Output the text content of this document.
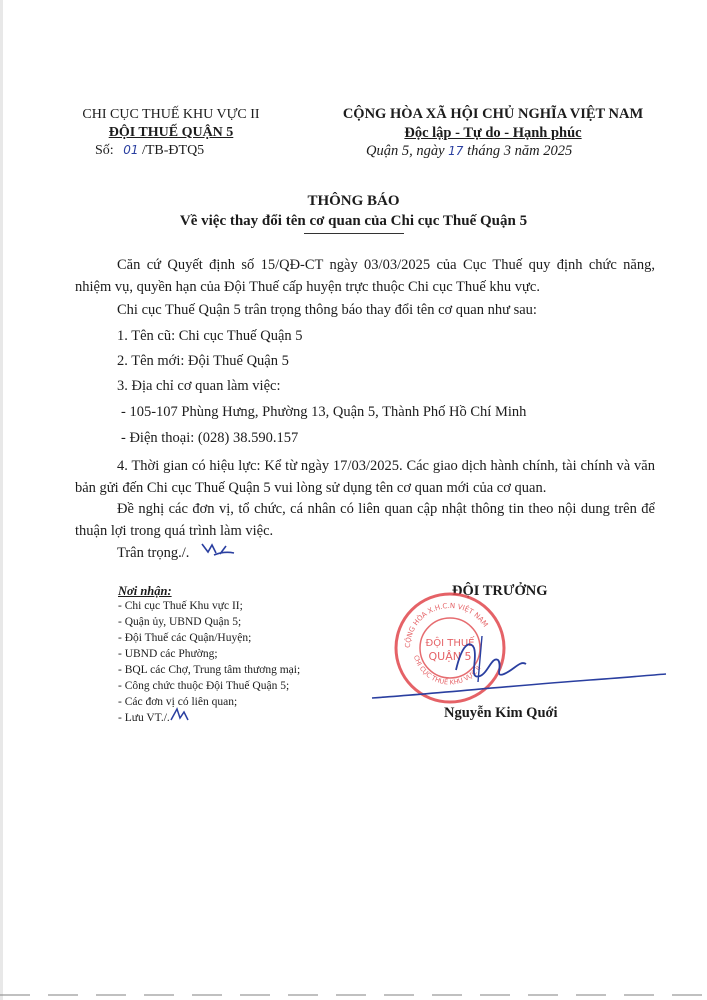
CHI CỤC THUẾ KHU VỰC II
ĐỘI THUẾ QUẬN 5
Số: 01 /TB-ĐTQ5
CỘNG HÒA XÃ HỘI CHỦ NGHĨA VIỆT NAM
Độc lập - Tự do - Hạnh phúc
Quận 5, ngày 17 tháng 3 năm 2025
THÔNG BÁO
Về việc thay đổi tên cơ quan của Chi cục Thuế Quận 5
Căn cứ Quyết định số 15/QĐ-CT ngày 03/03/2025 của Cục Thuế quy định chức năng, nhiệm vụ, quyền hạn của Đội Thuế cấp huyện trực thuộc Chi cục Thuế khu vực.
Chi cục Thuế Quận 5 trân trọng thông báo thay đổi tên cơ quan như sau:
1. Tên cũ: Chi cục Thuế Quận 5
2. Tên mới: Đội Thuế Quận 5
3. Địa chỉ cơ quan làm việc:
- 105-107 Phùng Hưng, Phường 13, Quận 5, Thành Phố Hồ Chí Minh
- Điện thoại: (028) 38.590.157
4. Thời gian có hiệu lực: Kể từ ngày 17/03/2025. Các giao dịch hành chính, tài chính và văn bản gửi đến Chi cục Thuế Quận 5 vui lòng sử dụng tên cơ quan mới của cơ quan.
Đề nghị các đơn vị, tổ chức, cá nhân có liên quan cập nhật thông tin theo nội dung trên để thuận lợi trong quá trình làm việc.
Trân trọng./.
Nơi nhận:
- Chi cục Thuế Khu vực II;
- Quận ủy, UBND Quận 5;
- Đội Thuế các Quận/Huyện;
- UBND các Phường;
- BQL các Chợ, Trung tâm thương mại;
- Công chức thuộc Đội Thuế Quận 5;
- Các đơn vị có liên quan;
- Lưu VT./.
ĐỘI TRƯỞNG
CỘNG HÒA X.H.C.N VIỆT NAM
CHI CỤC THUẾ KHU VỰC II
ĐỘI THUẾ
QUẬN 5
Nguyễn Kim Quới
